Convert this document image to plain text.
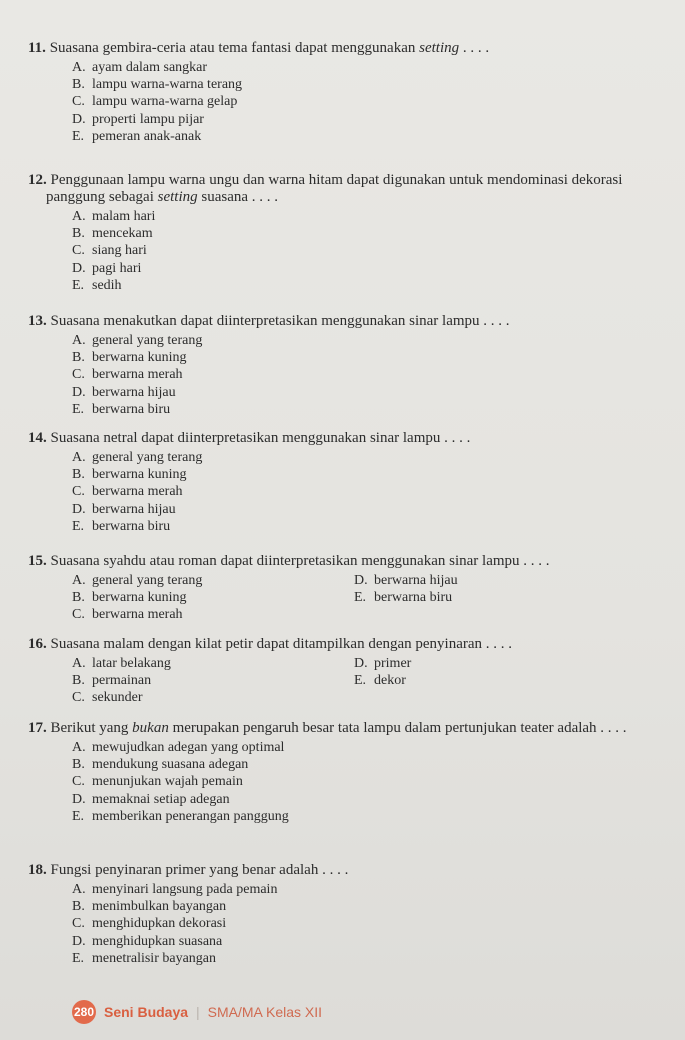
11. Suasana gembira-ceria atau tema fantasi dapat menggunakan setting . . . .

A. ayam dalam sangkar
B. lampu warna-warna terang
C. lampu warna-warna gelap
D. properti lampu pijar
E. pemeran anak-anak

12. Penggunaan lampu warna ungu dan warna hitam dapat digunakan untuk mendominasi dekorasi panggung sebagai setting suasana . . . .

A. malam hari
B. mencekam
C. siang hari
D. pagi hari
E. sedih

13. Suasana menakutkan dapat diinterpretasikan menggunakan sinar lampu . . . .

A. general yang terang
B. berwarna kuning
C. berwarna merah
D. berwarna hijau
E. berwarna biru

14. Suasana netral dapat diinterpretasikan menggunakan sinar lampu . . . .

A. general yang terang
B. berwarna kuning
C. berwarna merah
D. berwarna hijau
E. berwarna biru

15. Suasana syahdu atau roman dapat diinterpretasikan menggunakan sinar lampu . . . .

A. general yang terang	D. berwarna hijau
B. berwarna kuning	E. berwarna biru
C. berwarna merah

16. Suasana malam dengan kilat petir dapat ditampilkan dengan penyinaran . . . .

A. latar belakang	D. primer
B. permainan	E. dekor
C. sekunder

17. Berikut yang bukan merupakan pengaruh besar tata lampu dalam pertunjukan teater adalah . . . .

A. mewujudkan adegan yang optimal
B. mendukung suasana adegan
C. menunjukan wajah pemain
D. memaknai setiap adegan
E. memberikan penerangan panggung

18. Fungsi penyinaran primer yang benar adalah . . . .

A. menyinari langsung pada pemain
B. menimbulkan bayangan
C. menghidupkan dekorasi
D. menghidupkan suasana
E. menetralisir bayangan
280 Seni Budaya | SMA/MA Kelas XII
